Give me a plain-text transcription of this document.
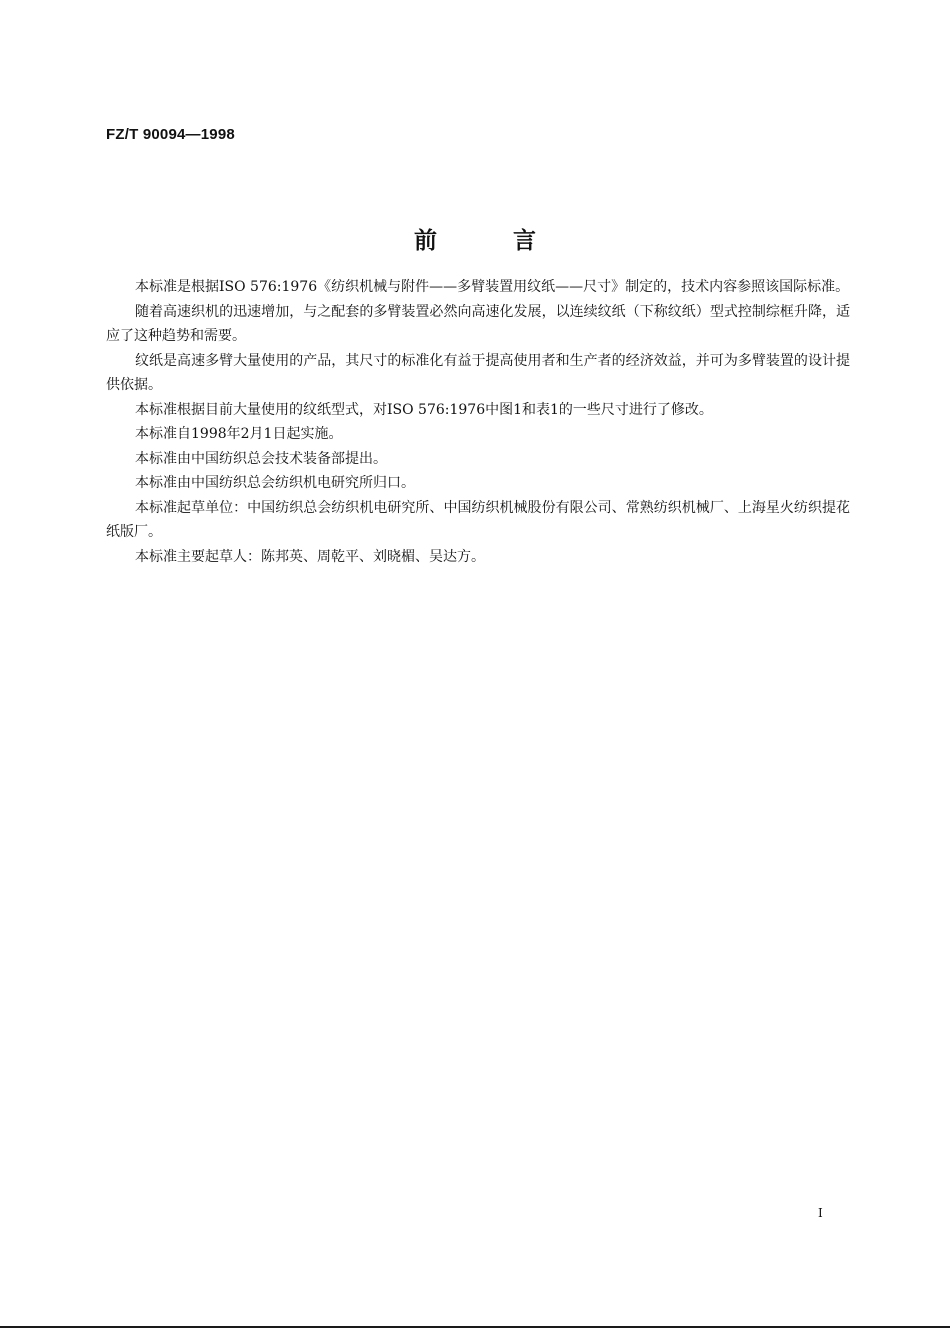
FZ/T 90094—1998
前言

本标准是根据ISO 576:1976《纺织机械与附件——多臂装置用纹纸——尺寸》制定的，技术内容参照该国际标准。

随着高速织机的迅速增加，与之配套的多臂装置必然向高速化发展，以连续纹纸（下称纹纸）型式控制综框升降，适应了这种趋势和需要。

纹纸是高速多臂大量使用的产品，其尺寸的标准化有益于提高使用者和生产者的经济效益，并可为多臂装置的设计提供依据。

本标准根据目前大量使用的纹纸型式，对ISO 576:1976中图1和表1的一些尺寸进行了修改。

本标准自1998年2月1日起实施。

本标准由中国纺织总会技术装备部提出。

本标准由中国纺织总会纺织机电研究所归口。

本标准起草单位：中国纺织总会纺织机电研究所、中国纺织机械股份有限公司、常熟纺织机械厂、上海星火纺织提花纸版厂。

本标准主要起草人：陈邦英、周乾平、刘晓楣、吴达方。

I
